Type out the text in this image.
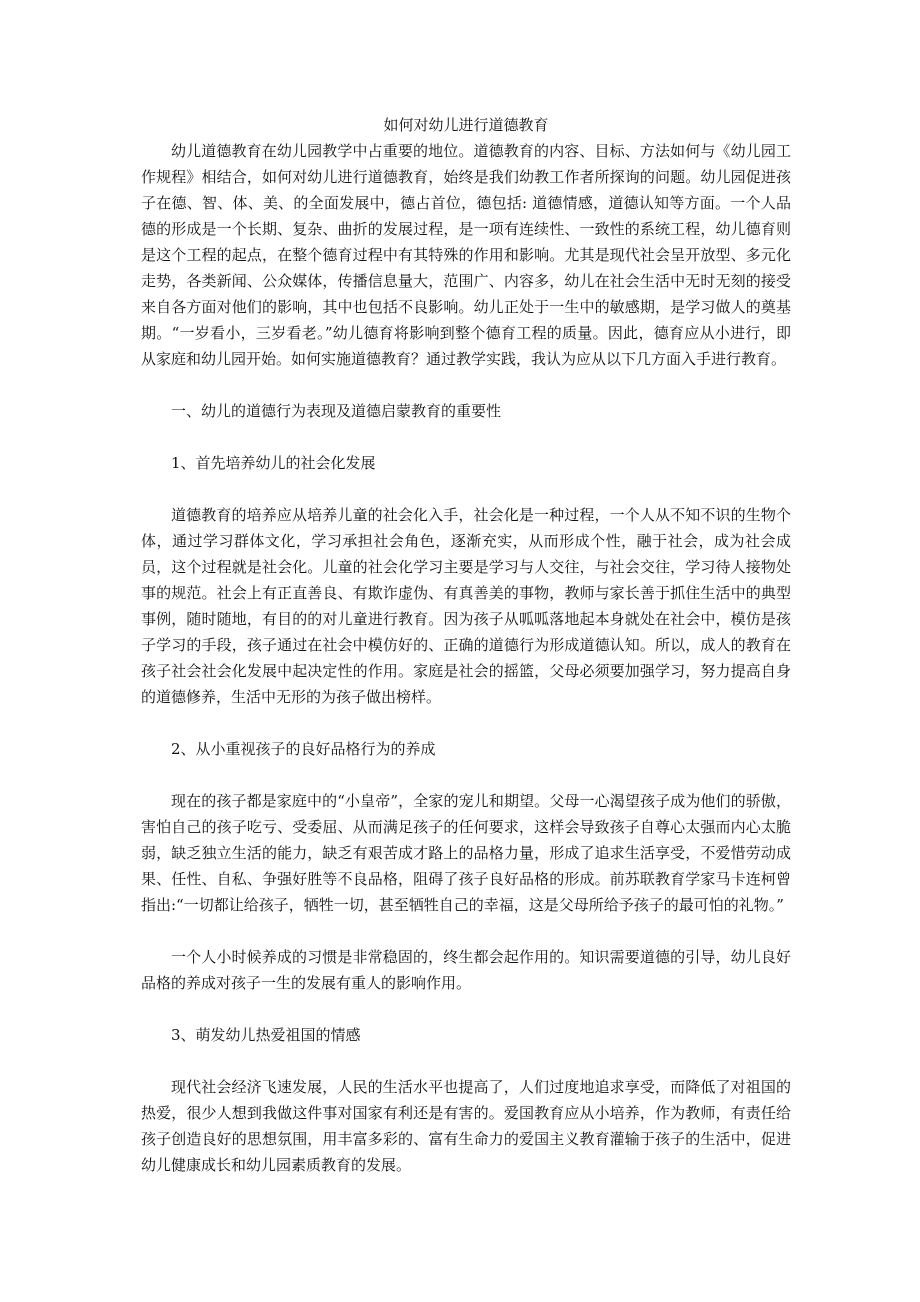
如何对幼儿进行道德教育

幼儿道德教育在幼儿园教学中占重要的地位。道德教育的内容、目标、方法如何与《幼儿园工作规程》相结合，如何对幼儿进行道德教育，始终是我们幼教工作者所探询的问题。幼儿园促进孩子在德、智、体、美、的全面发展中，德占首位，德包括: 道德情感，道德认知等方面。一个人品德的形成是一个长期、复杂、曲折的发展过程，是一项有连续性、一致性的系统工程，幼儿德育则是这个工程的起点，在整个德育过程中有其特殊的作用和影响。尤其是现代社会呈开放型、多元化走势，各类新闻、公众媒体，传播信息量大，范围广、内容多，幼儿在社会生活中无时无刻的接受来自各方面对他们的影响，其中也包括不良影响。幼儿正处于一生中的敏感期，是学习做人的奠基期。“一岁看小，三岁看老。”幼儿德育将影响到整个德育工程的质量。因此，德育应从小进行，即从家庭和幼儿园开始。如何实施道德教育？通过教学实践，我认为应从以下几方面入手进行教育。

一、幼儿的道德行为表现及道德启蒙教育的重要性

1、首先培养幼儿的社会化发展

道德教育的培养应从培养儿童的社会化入手，社会化是一种过程，一个人从不知不识的生物个体，通过学习群体文化，学习承担社会角色，逐渐充实，从而形成个性，融于社会，成为社会成员，这个过程就是社会化。儿童的社会化学习主要是学习与人交往，与社会交往，学习待人接物处事的规范。社会上有正直善良、有欺诈虚伪、有真善美的事物，教师与家长善于抓住生活中的典型事例，随时随地，有目的的对儿童进行教育。因为孩子从呱呱落地起本身就处在社会中，模仿是孩子学习的手段，孩子通过在社会中模仿好的、正确的道德行为形成道德认知。所以，成人的教育在孩子社会社会化发展中起决定性的作用。家庭是社会的摇篮，父母必须要加强学习，努力提高自身的道德修养，生活中无形的为孩子做出榜样。

2、从小重视孩子的良好品格行为的养成

现在的孩子都是家庭中的“小皇帝”，全家的宠儿和期望。父母一心渴望孩子成为他们的骄傲，害怕自己的孩子吃亏、受委屈、从而满足孩子的任何要求，这样会导致孩子自尊心太强而内心太脆弱，缺乏独立生活的能力，缺乏有艰苦成才路上的品格力量，形成了追求生活享受，不爱惜劳动成果、任性、自私、争强好胜等不良品格，阻碍了孩子良好品格的形成。前苏联教育学家马卡连柯曾指出:“一切都让给孩子，牺牲一切，甚至牺牲自己的幸福，这是父母所给予孩子的最可怕的礼物。”

一个人小时候养成的习惯是非常稳固的，终生都会起作用的。知识需要道德的引导，幼儿良好品格的养成对孩子一生的发展有重人的影响作用。

3、萌发幼儿热爱祖国的情感

现代社会经济飞速发展，人民的生活水平也提高了，人们过度地追求享受，而降低了对祖国的热爱，很少人想到我做这件事对国家有利还是有害的。爱国教育应从小培养，作为教师，有责任给孩子创造良好的思想氛围，用丰富多彩的、富有生命力的爱国主义教育灌输于孩子的生活中，促进幼儿健康成长和幼儿园素质教育的发展。
